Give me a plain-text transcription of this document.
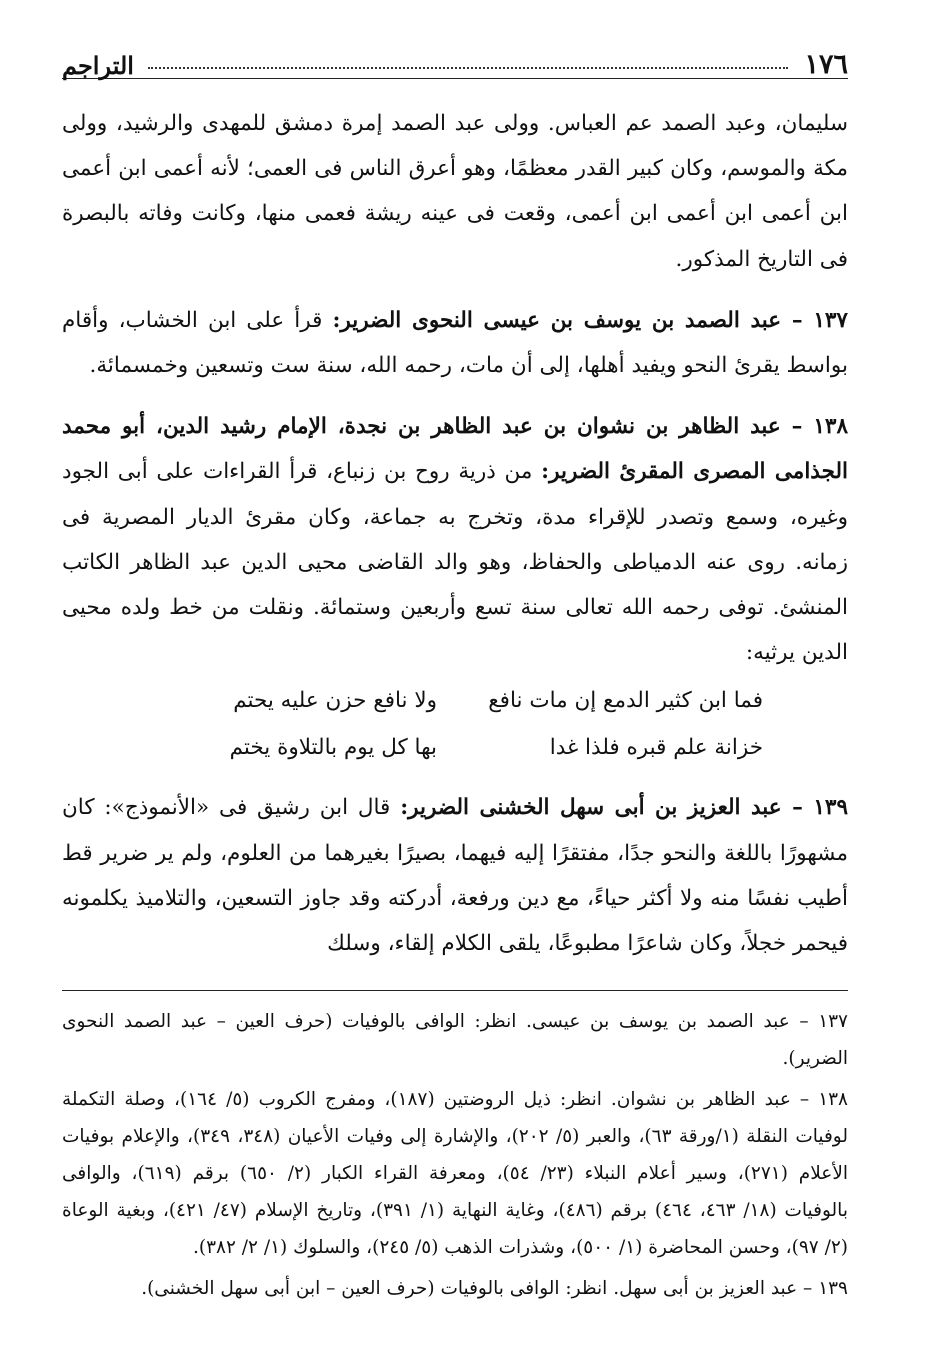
١٧٦
التراجم

سليمان، وعبد الصمد عم العباس. وولى عبد الصمد إمرة دمشق للمهدى والرشيد، وولى مكة والموسم، وكان كبير القدر معظمًا، وهو أعرق الناس فى العمى؛ لأنه أعمى ابن أعمى ابن أعمى ابن أعمى ابن أعمى، وقعت فى عينه ريشة فعمى منها، وكانت وفاته بالبصرة فى التاريخ المذكور.

١٣٧ – عبد الصمد بن يوسف بن عيسى النحوى الضرير: قرأ على ابن الخشاب، وأقام بواسط يقرئ النحو ويفيد أهلها، إلى أن مات، رحمه الله، سنة ست وتسعين وخمسمائة.

١٣٨ – عبد الظاهر بن نشوان بن عبد الظاهر بن نجدة، الإمام رشيد الدين، أبو محمد الجذامى المصرى المقرئ الضرير: من ذرية روح بن زنباع، قرأ القراءات على أبى الجود وغيره، وسمع وتصدر للإقراء مدة، وتخرج به جماعة، وكان مقرئ الديار المصرية فى زمانه. روى عنه الدمياطى والحفاظ، وهو والد القاضى محيى الدين عبد الظاهر الكاتب المنشئ. توفى رحمه الله تعالى سنة تسع وأربعين وستمائة. ونقلت من خط ولده محيى الدين يرثيه:

فما ابن كثير الدمع إن مات نافع
ولا نافع حزن عليه يحتم
خزانة علم قبره فلذا غدا
بها كل يوم بالتلاوة يختم

١٣٩ – عبد العزيز بن أبى سهل الخشنى الضرير: قال ابن رشيق فى «الأنموذج»: كان مشهورًا باللغة والنحو جدًا، مفتقرًا إليه فيهما، بصيرًا بغيرهما من العلوم، ولم ير ضرير قط أطيب نفسًا منه ولا أكثر حياءً، مع دين ورفعة، أدركته وقد جاوز التسعين، والتلاميذ يكلمونه فيحمر خجلاً، وكان شاعرًا مطبوعًا، يلقى الكلام إلقاء، وسلك

١٣٧ – عبد الصمد بن يوسف بن عيسى. انظر: الوافى بالوفيات (حرف العين – عبد الصمد النحوى الضرير).

١٣٨ – عبد الظاهر بن نشوان. انظر: ذيل الروضتين (١٨٧)، ومفرج الكروب (٥/ ١٦٤)، وصلة التكملة لوفيات النقلة (١/ورقة ٦٣)، والعبر (٥/ ٢٠٢)، والإشارة إلى وفيات الأعيان (٣٤٨، ٣٤٩)، والإعلام بوفيات الأعلام (٢٧١)، وسير أعلام النبلاء (٢٣/ ٥٤)، ومعرفة القراء الكبار (٢/ ٦٥٠) برقم (٦١٩)، والوافى بالوفيات (١٨/ ٤٦٣، ٤٦٤) برقم (٤٨٦)، وغاية النهاية (١/ ٣٩١)، وتاريخ الإسلام (٤٧/ ٤٢١)، وبغية الوعاة (٢/ ٩٧)، وحسن المحاضرة (١/ ٥٠٠)، وشذرات الذهب (٥/ ٢٤٥)، والسلوك (١/ ٢/ ٣٨٢).

١٣٩ – عبد العزيز بن أبى سهل. انظر: الوافى بالوفيات (حرف العين – ابن أبى سهل الخشنى).
